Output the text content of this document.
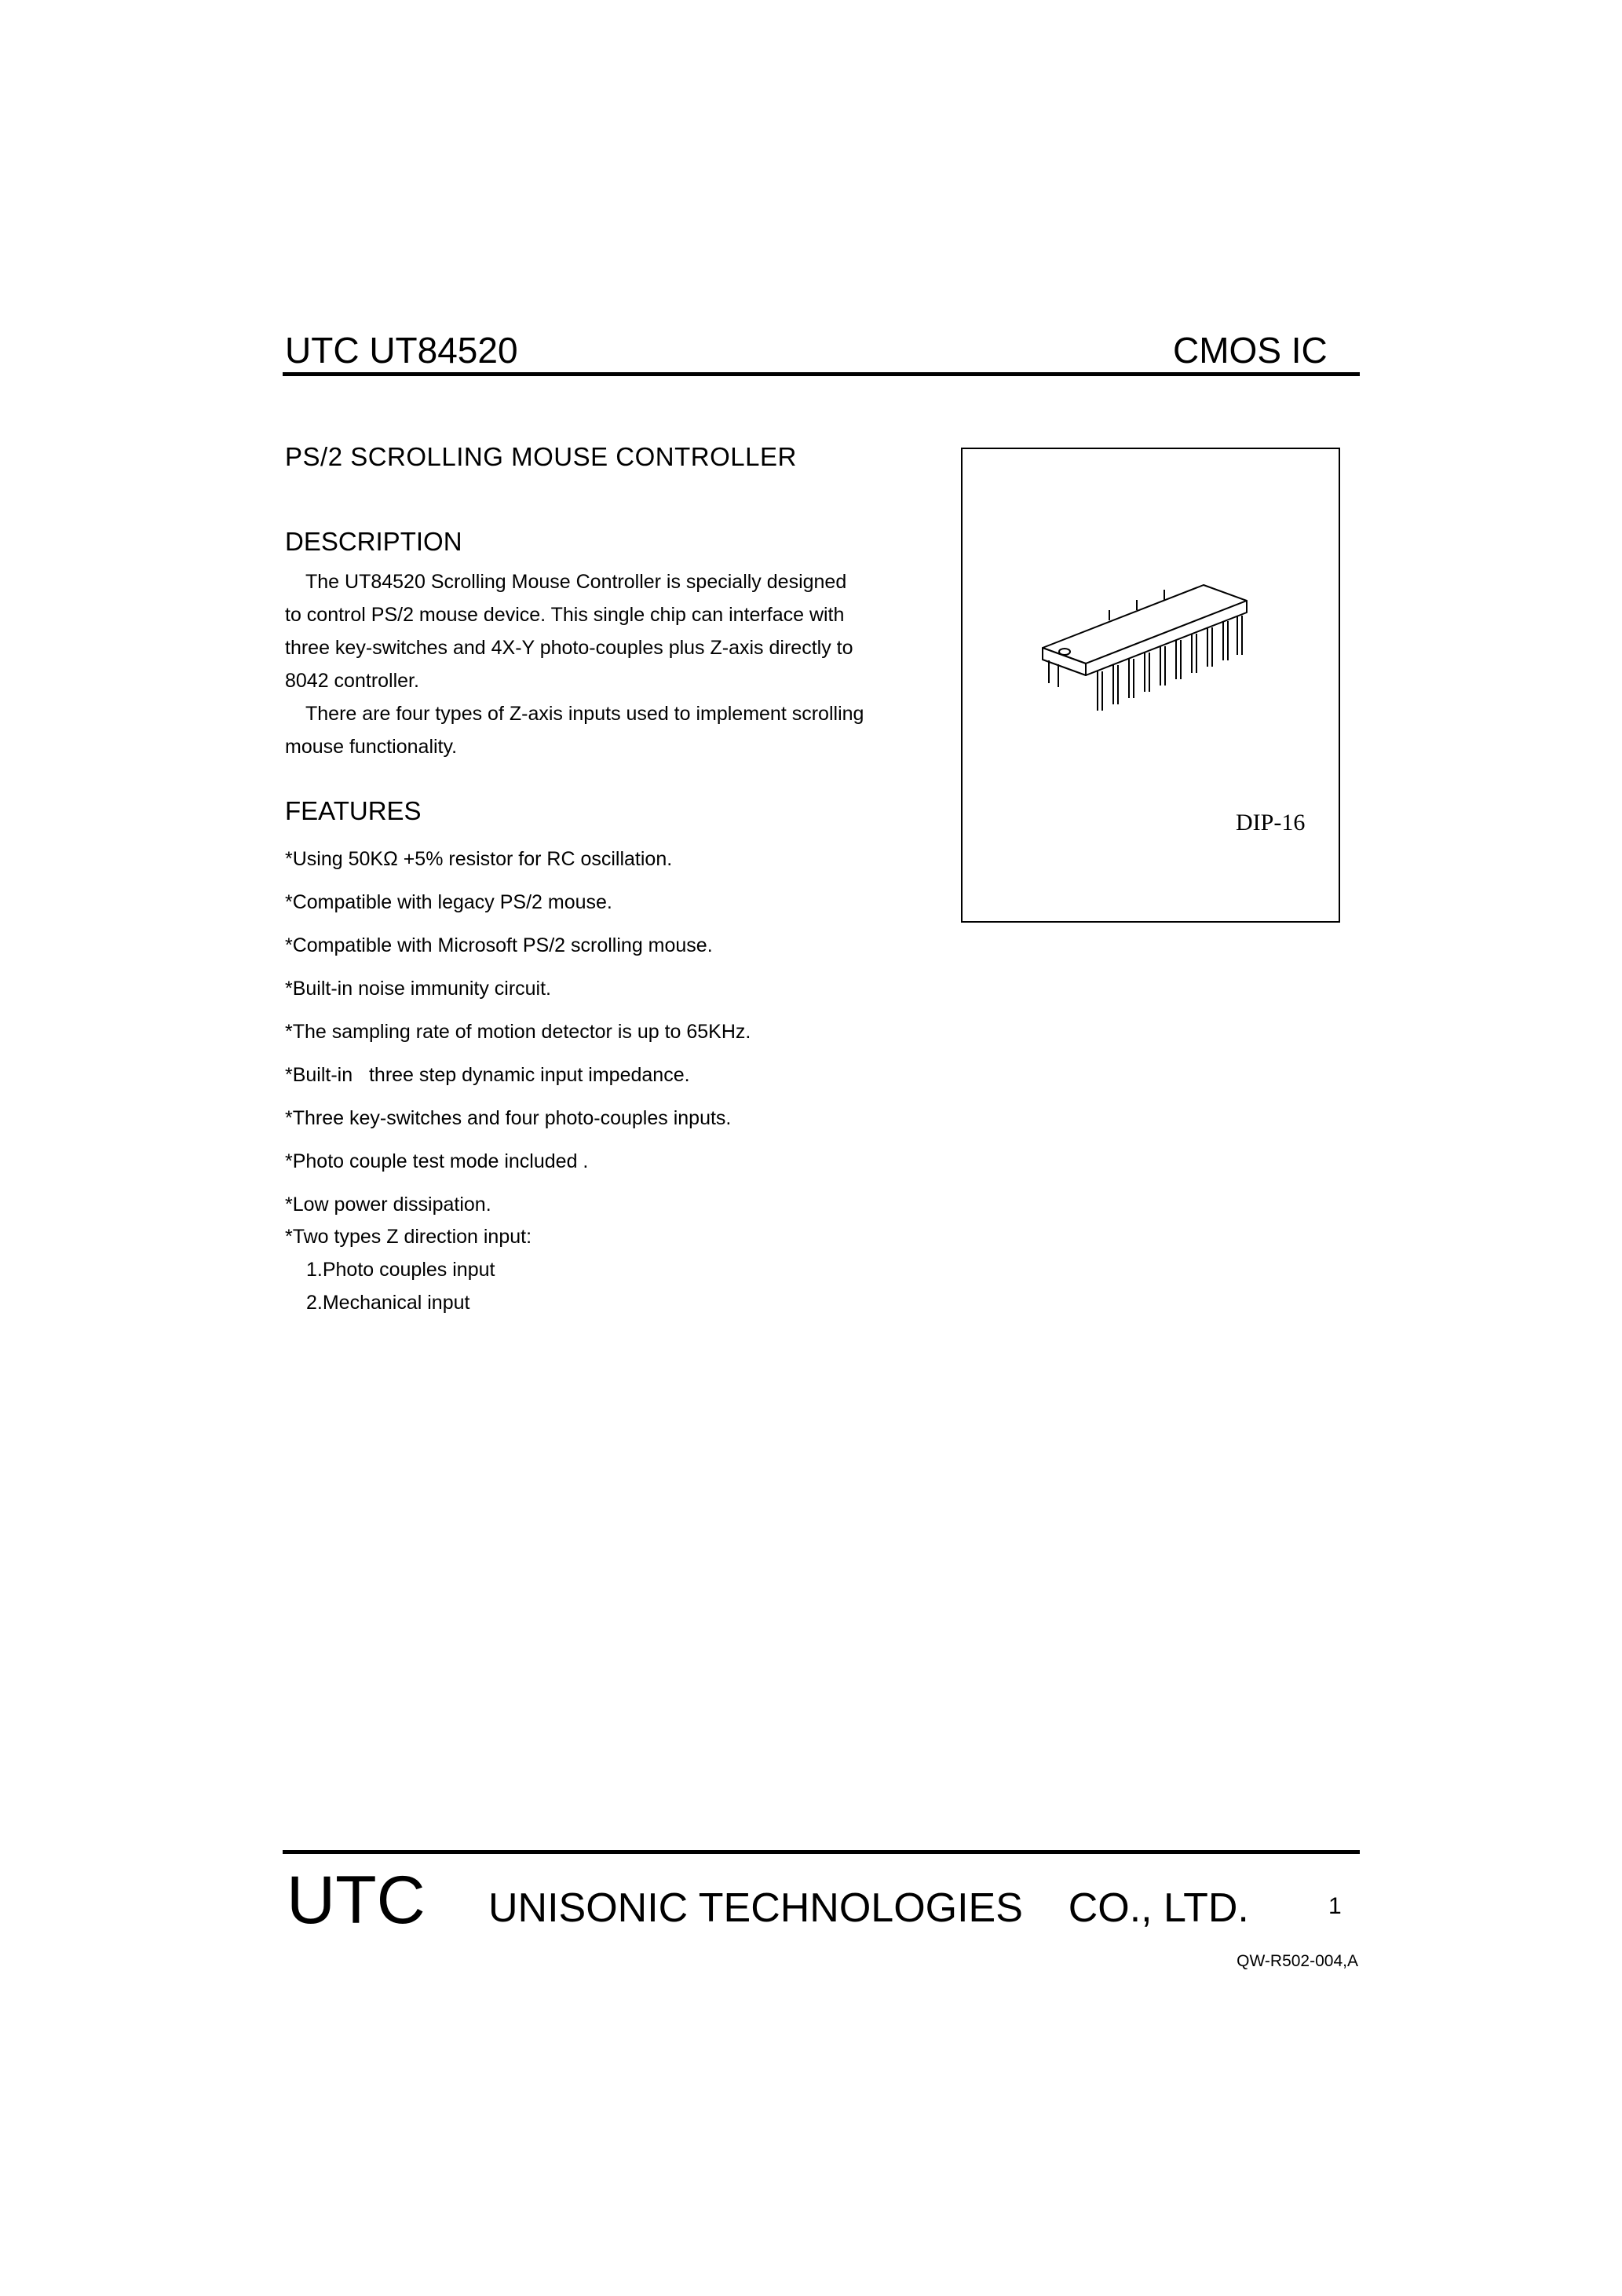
UTC UT84520	CMOS IC
PS/2 SCROLLING MOUSE CONTROLLER
DESCRIPTION

The UT84520 Scrolling Mouse Controller is specially designed to control PS/2 mouse device. This single chip can interface with three key-switches and 4X-Y photo-couples plus Z-axis directly to 8042 controller.

There are four types of Z-axis inputs used to implement scrolling mouse functionality.

FEATURES
*Using 50KΩ +5% resistor for RC oscillation.
*Compatible with legacy PS/2 mouse.
*Compatible with Microsoft PS/2 scrolling mouse.
*Built-in noise immunity circuit.
*The sampling rate of motion detector is up to 65KHz.
*Built-in   three step dynamic input impedance.
*Three key-switches and four photo-couples inputs.
*Photo couple test mode included .
*Low power dissipation.
*Two types Z direction input:
1.Photo couples input
2.Mechanical input
DIP-16
UTC UNISONIC TECHNOLOGIES    CO., LTD.	1
QW-R502-004,A
